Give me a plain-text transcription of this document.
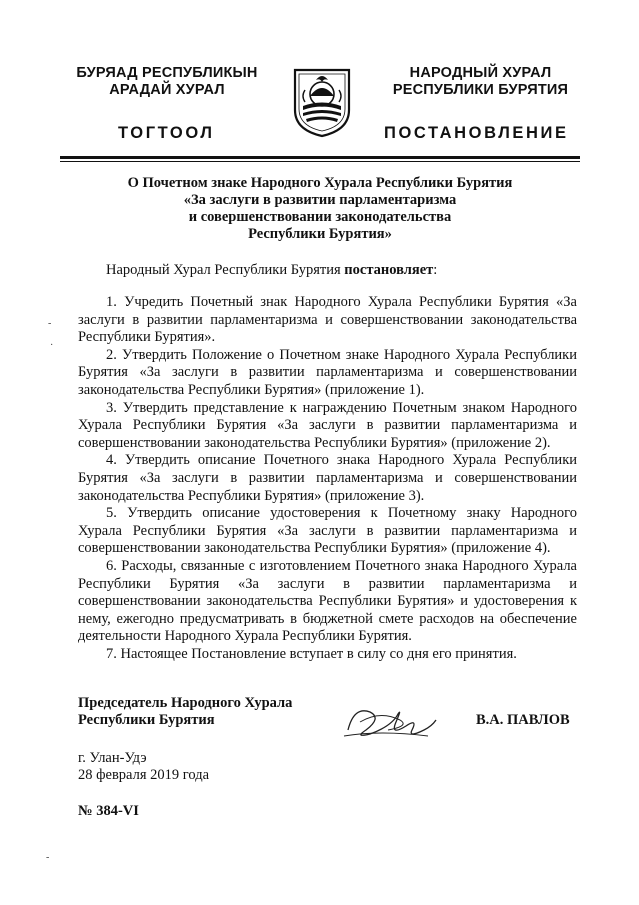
БУРЯАД РЕСПУБЛИКЫН
АРАДАЙ ХУРАЛ
ТОГТООЛ
НАРОДНЫЙ ХУРАЛ
РЕСПУБЛИКИ БУРЯТИЯ
ПОСТАНОВЛЕНИЕ
О Почетном знаке Народного Хурала Республики Бурятия
«За заслуги в развитии парламентаризма
и совершенствовании законодательства
Республики Бурятия»
Народный Хурал Республики Бурятия постановляет:

1. Учредить Почетный знак Народного Хурала Республики Бурятия «За заслуги в развитии парламентаризма и совершенствовании законодательства Республики Бурятия».

2. Утвердить Положение о Почетном знаке Народного Хурала Республики Бурятия «За заслуги в развитии парламентаризма и совершенствовании законодательства Республики Бурятия» (приложение 1).

3. Утвердить представление к награждению Почетным знаком Народного Хурала Республики Бурятия «За заслуги в развитии парламентаризма и совершенствовании законодательства Республики Бурятия» (приложение 2).

4. Утвердить описание Почетного знака Народного Хурала Республики Бурятия «За заслуги в развитии парламентаризма и совершенствовании законодательства Республики Бурятия» (приложение 3).

5. Утвердить описание удостоверения к Почетному знаку Народного Хурала Республики Бурятия «За заслуги в развитии парламентаризма и совершенствовании законодательства Республики Бурятия» (приложение 4).

6. Расходы, связанные с изготовлением Почетного знака Народного Хурала Республики Бурятия «За заслуги в развитии парламентаризма и совершенствовании законодательства Республики Бурятия» и удостоверения к нему, ежегодно предусматривать в бюджетной смете расходов на обеспечение деятельности Народного Хурала Республики Бурятия.

7. Настоящее Постановление вступает в силу со дня его принятия.

Председатель Народного Хурала
Республики Бурятия	В.А. ПАВЛОВ
г. Улан-Удэ
28 февраля 2019 года
№ 384-VI
-
·
-
